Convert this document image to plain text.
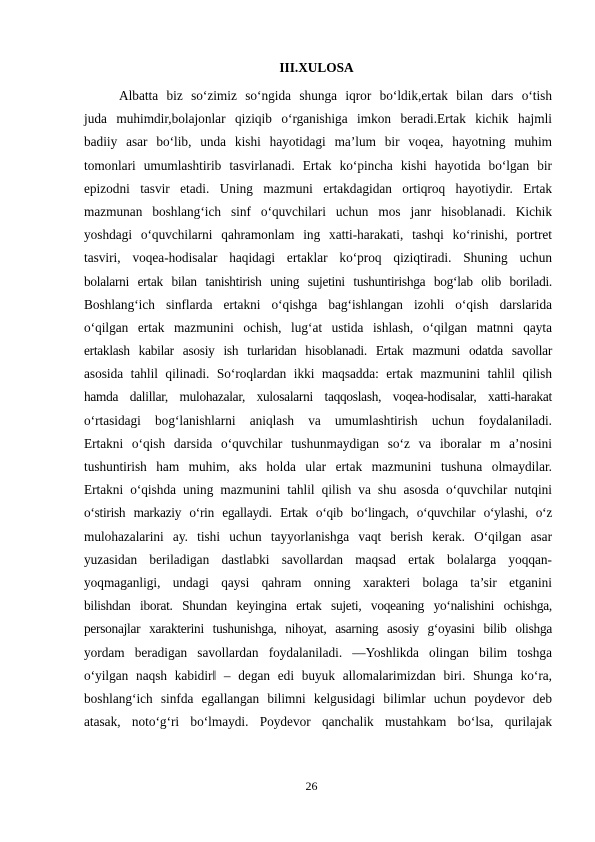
III.XULOSA
Albatta biz so‘zimiz so‘ngida shunga iqror bo‘ldik,ertak bilan dars o‘tish
juda muhimdir,bolajonlar qiziqib o‘rganishiga imkon beradi.Ertak kichik hajmli
badiiy asar bo‘lib, unda kishi hayotidagi ma’lum bir voqea, hayotning muhim
tomonlari umumlashtirib tasvirlanadi. Ertak ko‘pincha kishi hayotida bo‘lgan bir
epizodni tasvir etadi. Uning mazmuni ertakdagidan ortiqroq hayotiydir. Ertak
mazmunan boshlang‘ich sinf o‘quvchilari uchun mos janr hisoblanadi. Kichik
yoshdagi o‘quvchilarni qahramonlam ing xatti-harakati, tashqi ko‘rinishi, portret
tasviri, voqea-hodisalar haqidagi ertaklar ko‘proq qiziqtiradi. Shuning uchun
bolalarni ertak bilan tanishtirish uning sujetini tushuntirishga bog‘lab olib boriladi.
Boshlang‘ich sinflarda ertakni o‘qishga bag‘ishlangan izohli o‘qish darslarida
o‘qilgan ertak mazmunini ochish, lug‘at ustida ishlash, o‘qilgan matnni qayta
ertaklash kabilar asosiy ish turlaridan hisoblanadi. Ertak mazmuni odatda savollar
asosida tahlil qilinadi. So‘roqlardan ikki maqsadda: ertak mazmunini tahlil qilish
hamda dalillar, mulohazalar, xulosalarni taqqoslash, voqea-hodisalar, xatti-harakat
o‘rtasidagi bog‘lanishlarni aniqlash va umumlashtirish uchun foydalaniladi.
Ertakni o‘qish darsida o‘quvchilar tushunmaydigan so‘z va iboralar m a’nosini
tushuntirish ham muhim, aks holda ular ertak mazmunini tushuna olmaydilar.
Ertakni o‘qishda uning mazmunini tahlil qilish va shu asosda o‘quvchilar nutqini
o‘stirish markaziy o‘rin egallaydi. Ertak o‘qib bo‘lingach, o‘quvchilar o‘ylashi, o‘z
mulohazalarini ay. tishi uchun tayyorlanishga vaqt berish kerak. O‘qilgan asar
yuzasidan beriladigan dastlabki savollardan maqsad ertak bolalarga yoqqan-
yoqmaganligi, undagi qaysi qahram onning xarakteri bolaga ta’sir etganini
bilishdan iborat. Shundan keyingina ertak sujeti, voqeaning yo‘nalishini ochishga,
personajlar xarakterini tushunishga, nihoyat, asarning asosiy g‘oyasini bilib olishga
yordam beradigan savollardan foydalaniladi. ―Yoshlikda olingan bilim toshga
o‘yilgan naqsh kabidir‖ – degan edi buyuk allomalarimizdan biri. Shunga ko‘ra,
boshlang‘ich sinfda egallangan bilimni kelgusidagi bilimlar uchun poydevor deb
atasak, noto‘g‘ri bo‘lmaydi. Poydevor qanchalik mustahkam bo‘lsa, qurilajak
26
